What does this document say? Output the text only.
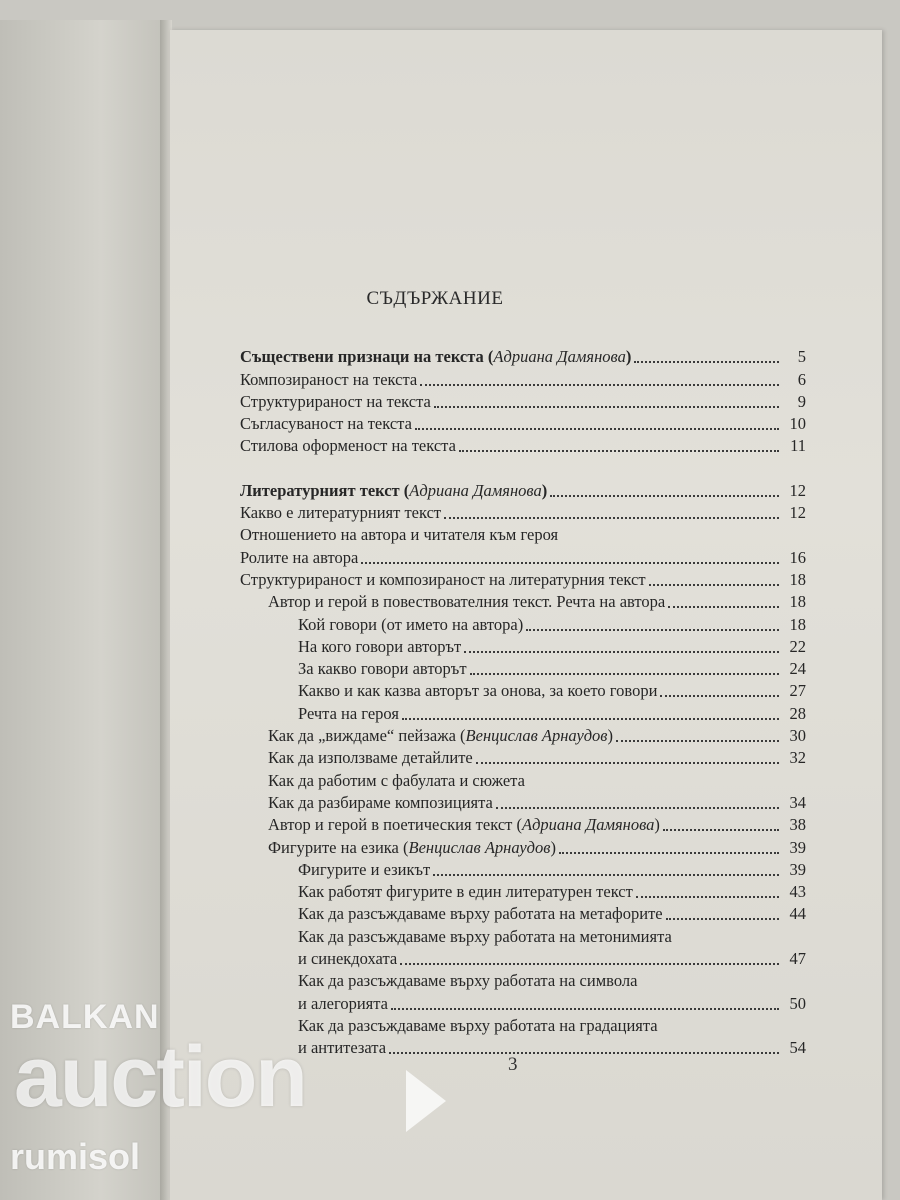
СЪДЪРЖАНИЕ
Съществени признаци на текста (Адриана Дамянова)	5
Композираност на текста	6
Структурираност на текста	9
Съгласуваност на текста	10
Стилова оформеност на текста	11
Литературният текст (Адриана Дамянова)	12
Какво е литературният текст	12
Отношението на автора и читателя към героя
Ролите на автора	16
Структурираност и композираност на литературния текст	18
Автор и герой в повествователния текст. Речта на автора	18
Кой говори (от името на автора)	18
На кого говори авторът	22
За какво говори авторът	24
Какво и как казва авторът за онова, за което говори	27
Речта на героя	28
Как да „виждаме“ пейзажа (Венцислав Арнаудов)	30
Как да използваме детайлите	32
Как да работим с фабулата и сюжета
Как да разбираме композицията	34
Автор и герой в поетическия текст (Адриана Дамянова)	38
Фигурите на езика (Венцислав Арнаудов)	39
Фигурите и езикът	39
Как работят фигурите в един литературен текст	43
Как да разсъждаваме върху работата на метафорите	44
Как да разсъждаваме върху работата на метонимията
и синекдохата	47
Как да разсъждаваме върху работата на символа
и алегорията	50
Как да разсъждаваме върху работата на градацията
и антитезата	54
3
BALKAN
auction
rumisol
